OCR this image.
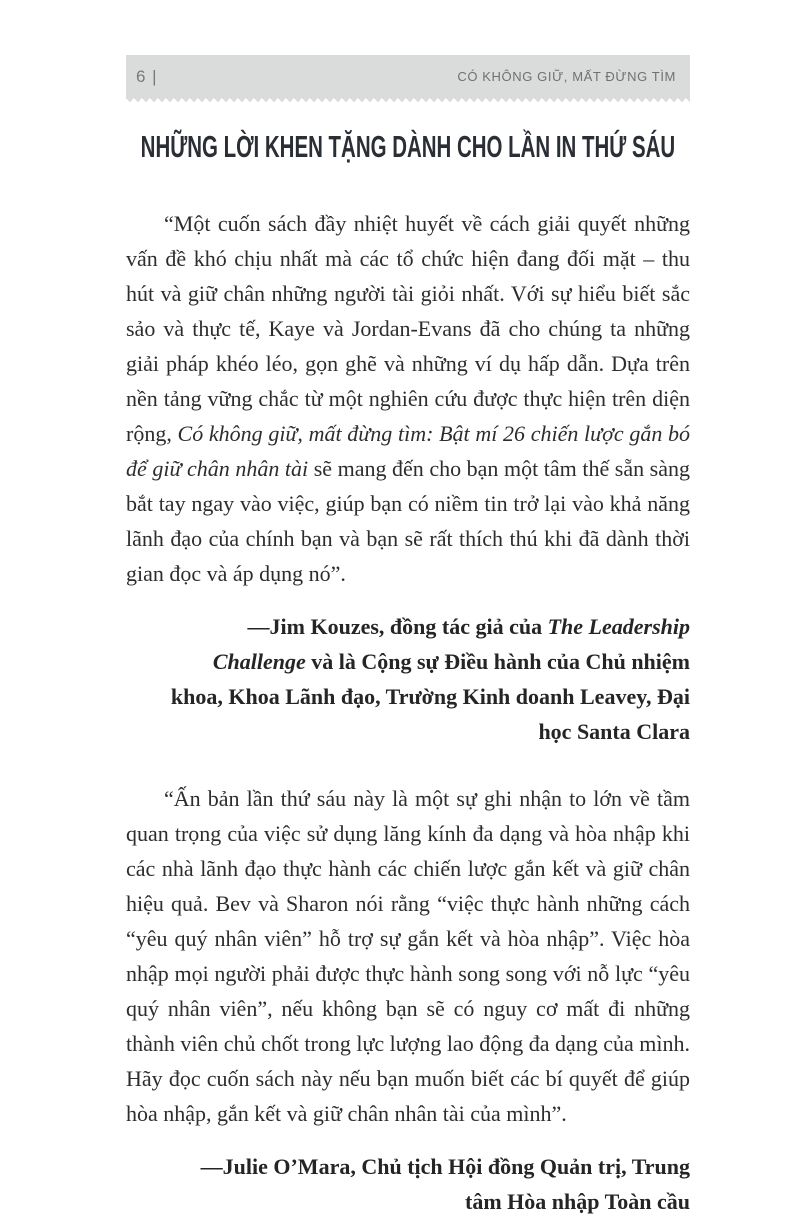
6 |	CÓ KHÔNG GIỮ, MẤT ĐỪNG TÌM
NHỮNG LỜI KHEN TẶNG DÀNH CHO LẦN IN THỨ SÁU

“Một cuốn sách đầy nhiệt huyết về cách giải quyết những vấn đề khó chịu nhất mà các tổ chức hiện đang đối mặt – thu hút và giữ chân những người tài giỏi nhất. Với sự hiểu biết sắc sảo và thực tế, Kaye và Jordan-Evans đã cho chúng ta những giải pháp khéo léo, gọn ghẽ và những ví dụ hấp dẫn. Dựa trên nền tảng vững chắc từ một nghiên cứu được thực hiện trên diện rộng, Có không giữ, mất đừng tìm: Bật mí 26 chiến lược gắn bó để giữ chân nhân tài sẽ mang đến cho bạn một tâm thế sẵn sàng bắt tay ngay vào việc, giúp bạn có niềm tin trở lại vào khả năng lãnh đạo của chính bạn và bạn sẽ rất thích thú khi đã dành thời gian đọc và áp dụng nó”.

—Jim Kouzes, đồng tác giả của The Leadership Challenge và là Cộng sự Điều hành của Chủ nhiệm khoa, Khoa Lãnh đạo, Trường Kinh doanh Leavey, Đại học Santa Clara

“Ấn bản lần thứ sáu này là một sự ghi nhận to lớn về tầm quan trọng của việc sử dụng lăng kính đa dạng và hòa nhập khi các nhà lãnh đạo thực hành các chiến lược gắn kết và giữ chân hiệu quả. Bev và Sharon nói rằng “việc thực hành những cách “yêu quý nhân viên” hỗ trợ sự gắn kết và hòa nhập”. Việc hòa nhập mọi người phải được thực hành song song với nỗ lực “yêu quý nhân viên”, nếu không bạn sẽ có nguy cơ mất đi những thành viên chủ chốt trong lực lượng lao động đa dạng của mình. Hãy đọc cuốn sách này nếu bạn muốn biết các bí quyết để giúp hòa nhập, gắn kết và giữ chân nhân tài của mình”.

—Julie O’Mara, Chủ tịch Hội đồng Quản trị, Trung tâm Hòa nhập Toàn cầu
